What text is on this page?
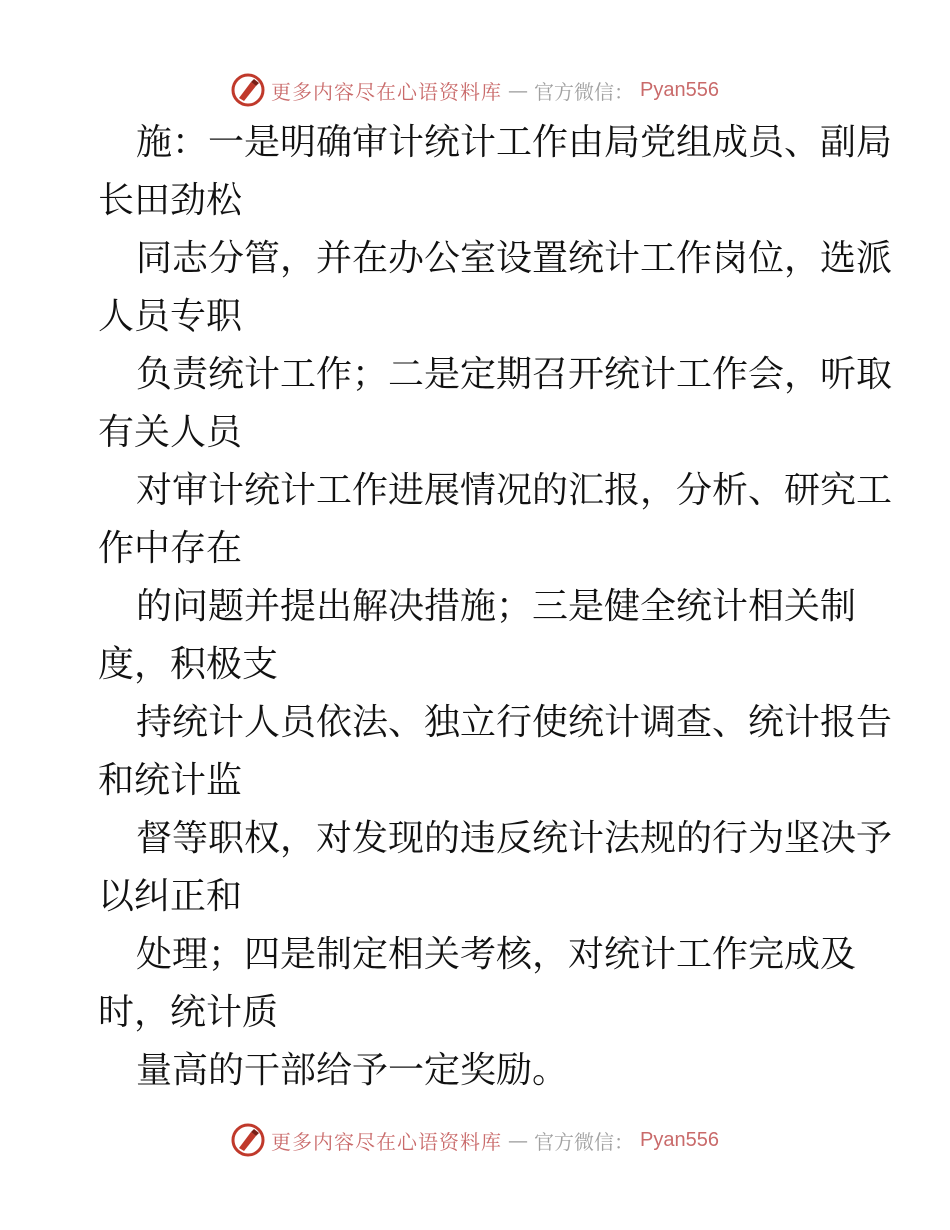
更多内容尽在心语资料库 — 官方微信： Pyan556
施：一是明确审计统计工作由局党组成员、副局
长田劲松
同志分管，并在办公室设置统计工作岗位，选派
人员专职
负责统计工作；二是定期召开统计工作会，听取
有关人员
对审计统计工作进展情况的汇报，分析、研究工
作中存在
的问题并提出解决措施；三是健全统计相关制
度，积极支
持统计人员依法、独立行使统计调查、统计报告
和统计监
督等职权，对发现的违反统计法规的行为坚决予
以纠正和
处理；四是制定相关考核，对统计工作完成及
时，统计质
量高的干部给予一定奖励。
更多内容尽在心语资料库 — 官方微信： Pyan556
